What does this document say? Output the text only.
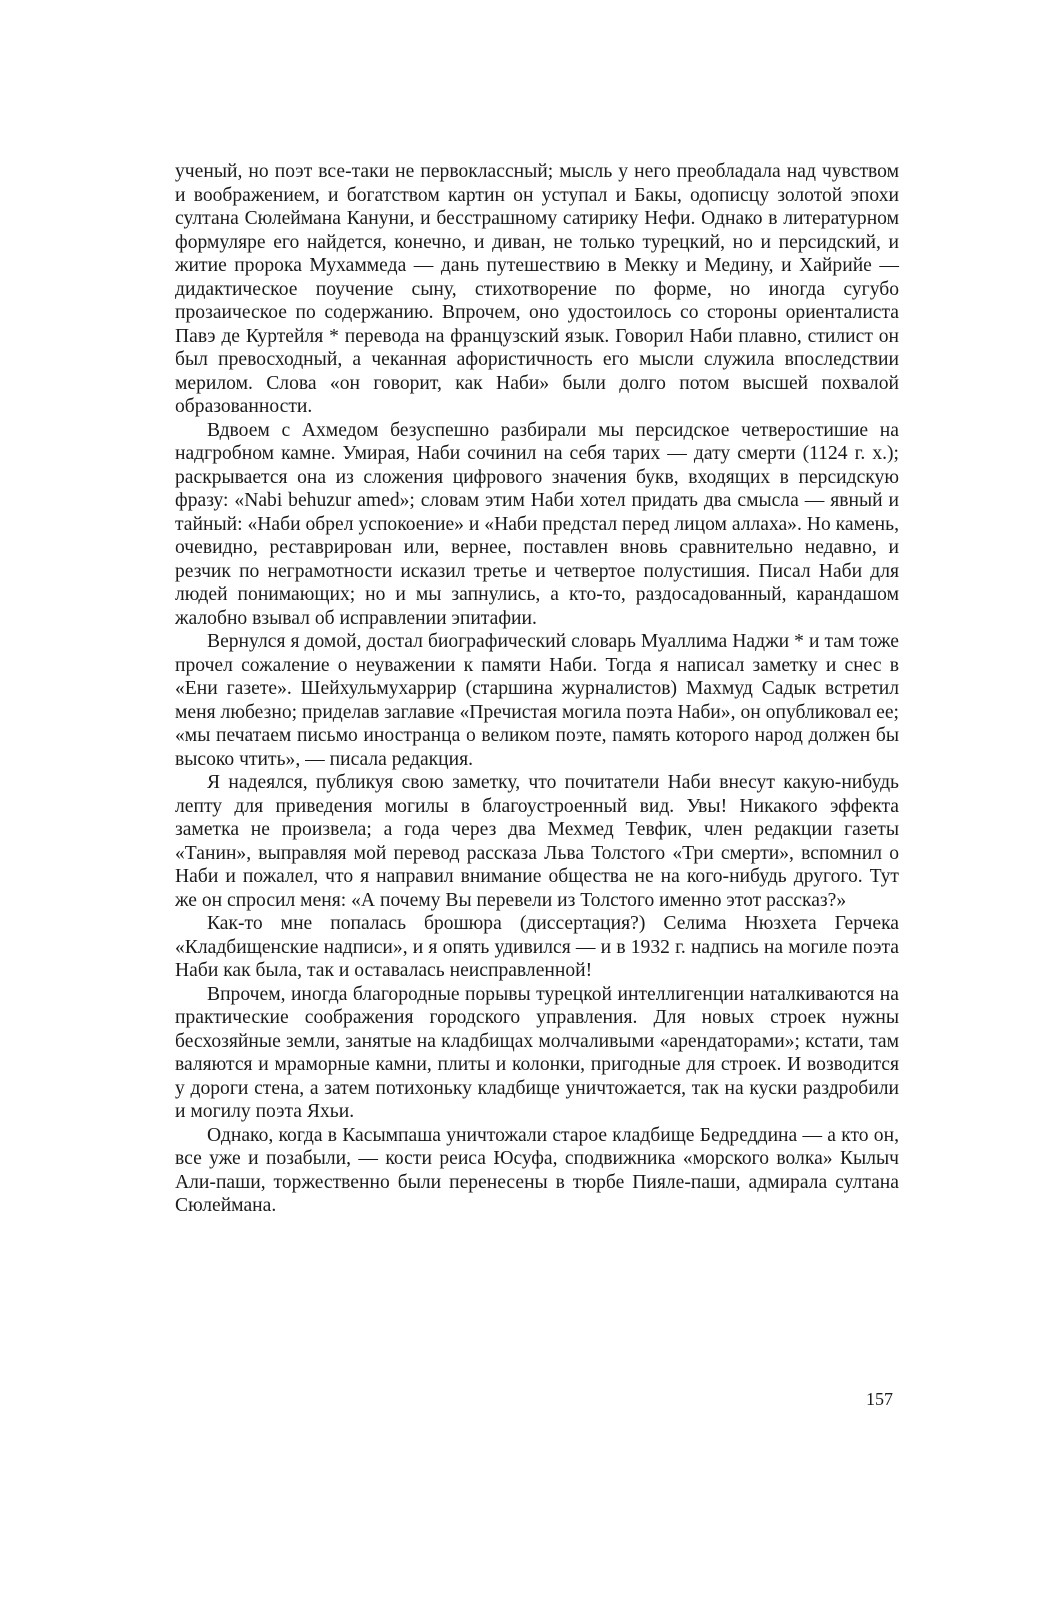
ученый, но поэт все-таки не первоклассный; мысль у него преобладала над чувством и воображением, и богатством картин он уступал и Бакы, одописцу золотой эпохи султана Сюлеймана Кануни, и бесстрашному сатирику Нефи. Однако в литературном формуляре его найдется, конечно, и диван, не только турецкий, но и персидский, и житие пророка Мухаммеда — дань путешествию в Мекку и Медину, и Хайрийе — дидактическое поучение сыну, стихотворение по форме, но иногда сугубо прозаическое по содержанию. Впрочем, оно удостоилось со стороны ориенталиста Павэ де Куртейля * перевода на французский язык. Говорил Наби плавно, стилист он был превосходный, а чеканная афористичность его мысли служила впоследствии мерилом. Слова «он говорит, как Наби» были долго потом высшей похвалой образованности.

Вдвоем с Ахмедом безуспешно разбирали мы персидское четверостишие на надгробном камне. Умирая, Наби сочинил на себя тарих — дату смерти (1124 г. х.); раскрывается она из сложения цифрового значения букв, входящих в персидскую фразу: «Nabi behuzur amed»; словам этим Наби хотел придать два смысла — явный и тайный: «Наби обрел успокоение» и «Наби предстал перед лицом аллаха». Но камень, очевидно, реставрирован или, вернее, поставлен вновь сравнительно недавно, и резчик по неграмотности исказил третье и четвертое полустишия. Писал Наби для людей понимающих; но и мы запнулись, а кто-то, раздосадованный, карандашом жалобно взывал об исправлении эпитафии.

Вернулся я домой, достал биографический словарь Муаллима Наджи * и там тоже прочел сожаление о неуважении к памяти Наби. Тогда я написал заметку и снес в «Ени газете». Шейхульмухаррир (старшина журналистов) Махмуд Садык встретил меня любезно; приделав заглавие «Пречистая могила поэта Наби», он опубликовал ее; «мы печатаем письмо иностранца о великом поэте, память которого народ должен бы высоко чтить», — писала редакция.

Я надеялся, публикуя свою заметку, что почитатели Наби внесут какую-нибудь лепту для приведения могилы в благоустроенный вид. Увы! Никакого эффекта заметка не произвела; а года через два Мехмед Тевфик, член редакции газеты «Танин», выправляя мой перевод рассказа Льва Толстого «Три смерти», вспомнил о Наби и пожалел, что я направил внимание общества не на кого-нибудь другого. Тут же он спросил меня: «А почему Вы перевели из Толстого именно этот рассказ?»

Как-то мне попалась брошюра (диссертация?) Селима Нюзхета Герчека «Кладбищенские надписи», и я опять удивился — и в 1932 г. надпись на могиле поэта Наби как была, так и оставалась неисправленной!

Впрочем, иногда благородные порывы турецкой интеллигенции наталкиваются на практические соображения городского управления. Для новых строек нужны бесхозяйные земли, занятые на кладбищах молчаливыми «арендаторами»; кстати, там валяются и мраморные камни, плиты и колонки, пригодные для строек. И возводится у дороги стена, а затем потихоньку кладбище уничтожается, так на куски раздробили и могилу поэта Яхьи.

Однако, когда в Касымпаша уничтожали старое кладбище Бедреддина — а кто он, все уже и позабыли, — кости реиса Юсуфа, сподвижника «морского волка» Кылыч Али-паши, торжественно были перенесены в тюрбе Пияле-паши, адмирала султана Сюлеймана.

157
